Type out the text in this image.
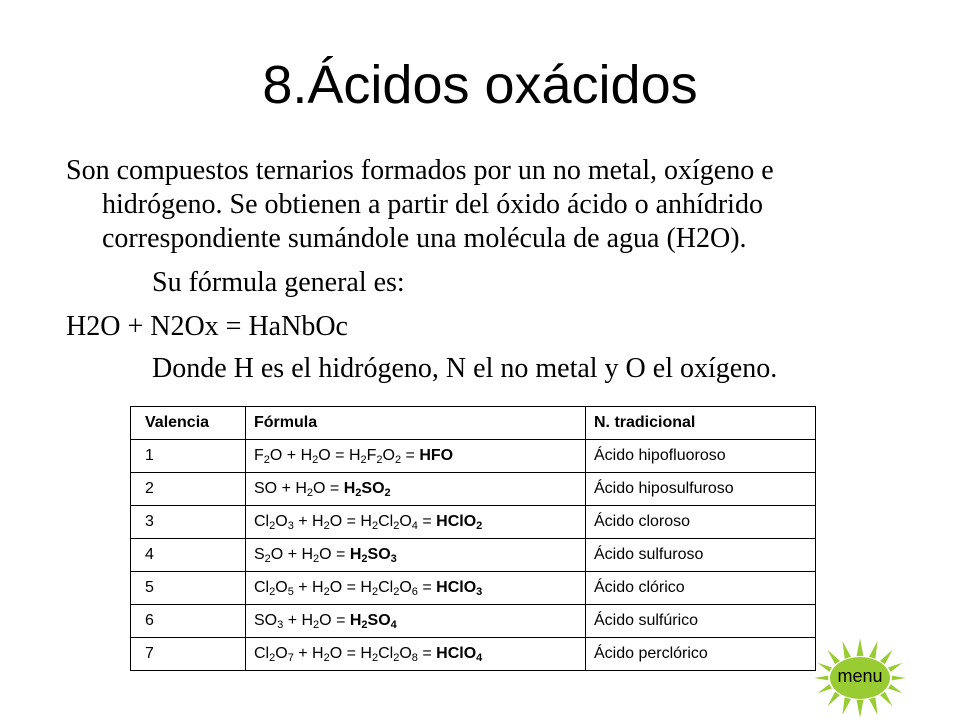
8.Ácidos oxácidos
Son compuestos ternarios formados por un no metal, oxígeno e
hidrógeno. Se obtienen a partir del óxido ácido o anhídrido
correspondiente sumándole una molécula de agua (H2O).
Su fórmula general es:
H2O + N2Ox = HaNbOc
Donde H es el hidrógeno, N el no metal y O el oxígeno.
Valencia	Fórmula	N. tradicional
1	$F_2O + H_2O = H_2F_2O_2$ = HFO	Ácido hipofluoroso
2	SO + $H_2O = H_2SO_2$	Ácido hiposulfuroso
3	$Cl_2O_3 + H_2O = H_2Cl_2O_4$ = HClO$_2$	Ácido cloroso
4	$S_2O + H_2O = H_2SO_3$	Ácido sulfuroso
5	$Cl_2O_5 + H_2O = H_2Cl_2O_6$ = HClO$_3$	Ácido clórico
6	$SO_3 + H_2O = H_2SO_4$	Ácido sulfúrico
7	$Cl_2O_7 + H_2O = H_2Cl_2O_8$ = HClO$_4$	Ácido perclórico
menu
